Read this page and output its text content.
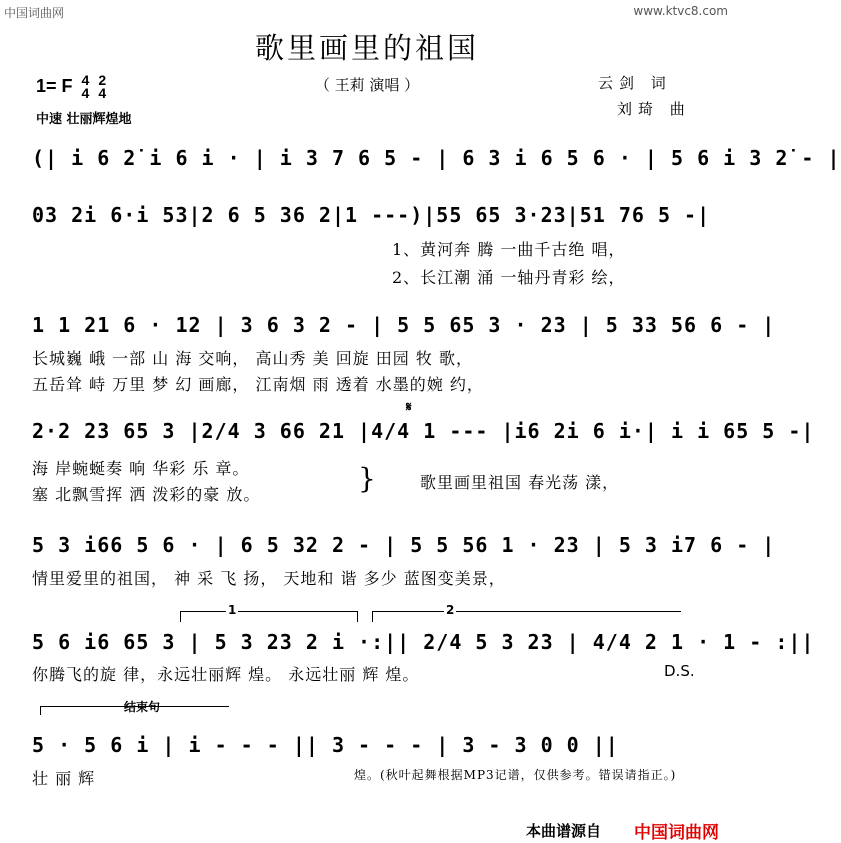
中国词曲网	www.ktvc8.com
歌里画里的祖国
（ 王莉 演唱 ）
1= F 4
4

2
4
中速 壮丽辉煌地
云剑 词
刘琦 曲
(| i 6 2̇ i 6 i · | i 3 7 6 5 - | 6 3 i 6 5 6 · | 5 6 i 3 2̇ - |
03 2i 6·i 53|2 6 5 36 2|1 ---)|55 65 3·23|51 76 5 -|
1、黄河奔 腾 一曲千古绝 唱，
2、长江潮 涌 一轴丹青彩 绘，
1 1 21 6 · 12 | 3 6 3 2 - | 5 5 65 3 · 23 | 5 33 56 6 - |
长城巍 峨 一部 山 海 交响， 高山秀 美 回旋 田园 牧 歌，
五岳耸 峙 万里 梦 幻 画廊， 江南烟 雨 透着 水墨的婉 约，
𝄋
2·2 23 65 3 |2/4 3 66 21 |4/4 1 --- |i6 2i 6 i·| i i 65 5 -|
海 岸蜿蜒奏 响 华彩 乐 章。
塞 北飘雪挥 洒 泼彩的豪 放。	}	歌里画里祖国 春光荡 漾，
5 3 i66 5 6 · | 6 5 32 2 - | 5 5 56 1 · 23 | 5 3 i7 6 - |
情里爱里的祖国， 神 采 飞 扬， 天地和 谐 多少 蓝图变美景，
1	2
5 6 i6 65 3 | 5 3 23 2 i ·:|| 2/4 5 3 23 | 4/4 2 1 · 1 - :||
你腾飞的旋 律，永远壮丽辉 煌。 永远壮丽 辉 煌。	D.S.
结束句
5 · 5 6 i | i - - - || 3 - - - | 3 - 3 0 0 ||
壮 丽 辉	煌。(秋叶起舞根据MP3记谱，仅供参考。错误请指正。)
本曲谱源自 中国词曲网
